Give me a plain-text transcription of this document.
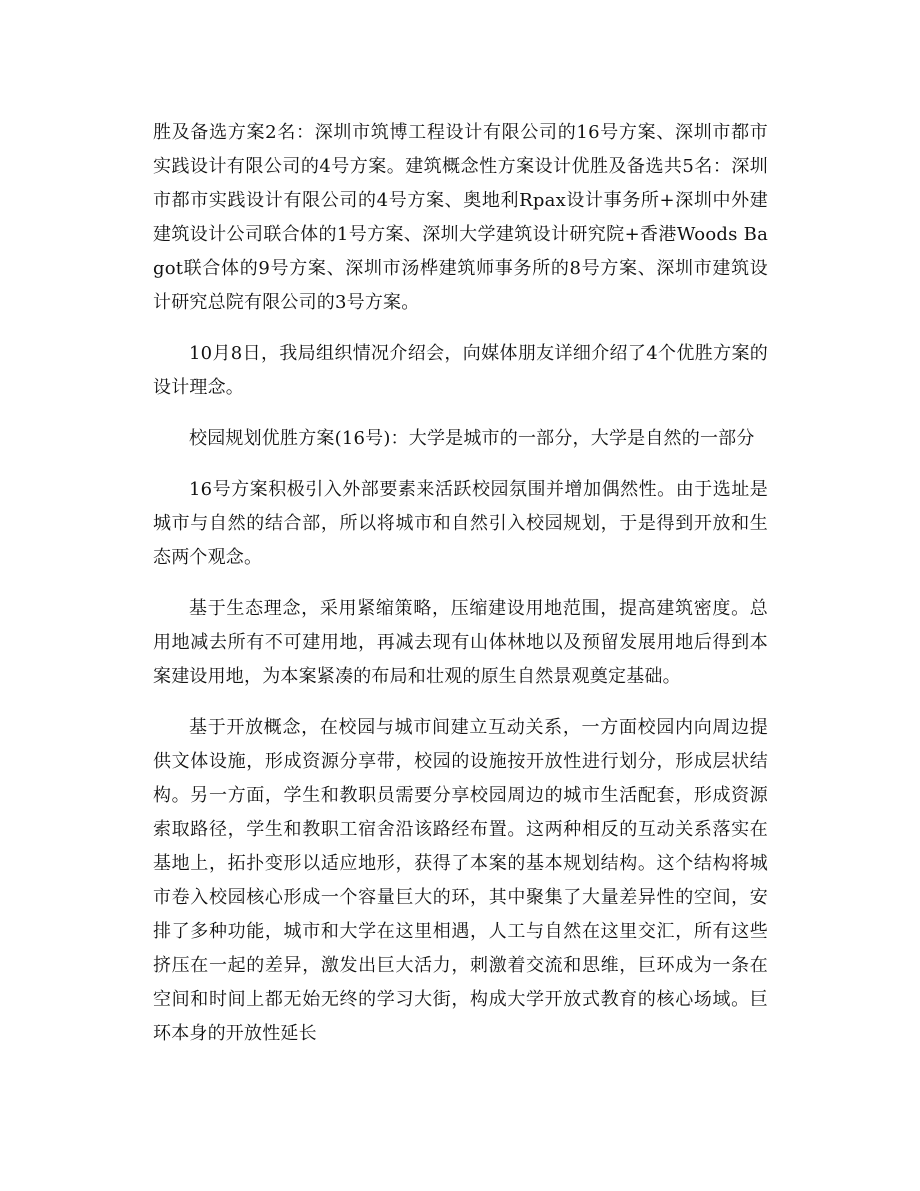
胜及备选方案2名：深圳市筑博工程设计有限公司的16号方案、深圳市都市实践设计有限公司的4号方案。建筑概念性方案设计优胜及备选共5名：深圳市都市实践设计有限公司的4号方案、奥地利Rpax设计事务所+深圳中外建建筑设计公司联合体的1号方案、深圳大学建筑设计研究院+香港Woods Bagot联合体的9号方案、深圳市汤桦建筑师事务所的8号方案、深圳市建筑设计研究总院有限公司的3号方案。

10月8日，我局组织情况介绍会，向媒体朋友详细介绍了4个优胜方案的设计理念。

校园规划优胜方案(16号)：大学是城市的一部分，大学是自然的一部分

16号方案积极引入外部要素来活跃校园氛围并增加偶然性。由于选址是城市与自然的结合部，所以将城市和自然引入校园规划，于是得到开放和生态两个观念。

基于生态理念，采用紧缩策略，压缩建设用地范围，提高建筑密度。总用地减去所有不可建用地，再减去现有山体林地以及预留发展用地后得到本案建设用地，为本案紧凑的布局和壮观的原生自然景观奠定基础。

基于开放概念，在校园与城市间建立互动关系，一方面校园内向周边提供文体设施，形成资源分享带，校园的设施按开放性进行划分，形成层状结构。另一方面，学生和教职员需要分享校园周边的城市生活配套，形成资源索取路径，学生和教职工宿舍沿该路经布置。这两种相反的互动关系落实在基地上，拓扑变形以适应地形，获得了本案的基本规划结构。这个结构将城市卷入校园核心形成一个容量巨大的环，其中聚集了大量差异性的空间，安排了多种功能，城市和大学在这里相遇，人工与自然在这里交汇，所有这些挤压在一起的差异，激发出巨大活力，刺激着交流和思维，巨环成为一条在空间和时间上都无始无终的学习大街，构成大学开放式教育的核心场域。巨环本身的开放性延长
